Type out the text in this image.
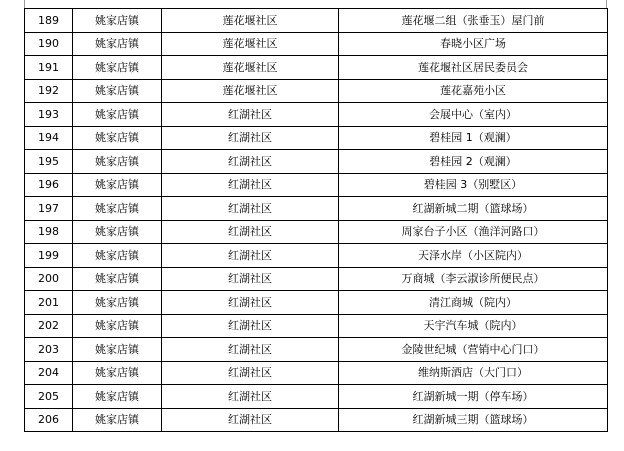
189	姚家店镇	莲花堰社区	莲花堰二组（张垂玉）屋门前
190	姚家店镇	莲花堰社区	春晓小区广场
191	姚家店镇	莲花堰社区	莲花堰社区居民委员会
192	姚家店镇	莲花堰社区	莲花嘉苑小区
193	姚家店镇	红湖社区	会展中心（室内）
194	姚家店镇	红湖社区	碧桂园 1（观澜）
195	姚家店镇	红湖社区	碧桂园 2（观澜）
196	姚家店镇	红湖社区	碧桂园 3（别墅区）
197	姚家店镇	红湖社区	红湖新城二期（篮球场）
198	姚家店镇	红湖社区	周家台子小区（渔洋河路口）
199	姚家店镇	红湖社区	天泽水岸（小区院内）
200	姚家店镇	红湖社区	万商城（李云淑诊所便民点）
201	姚家店镇	红湖社区	清江商城（院内）
202	姚家店镇	红湖社区	天宇汽车城（院内）
203	姚家店镇	红湖社区	金陵世纪城（营销中心门口）
204	姚家店镇	红湖社区	维纳斯酒店（大门口）
205	姚家店镇	红湖社区	红湖新城一期（停车场）
206	姚家店镇	红湖社区	红湖新城三期（篮球场）
